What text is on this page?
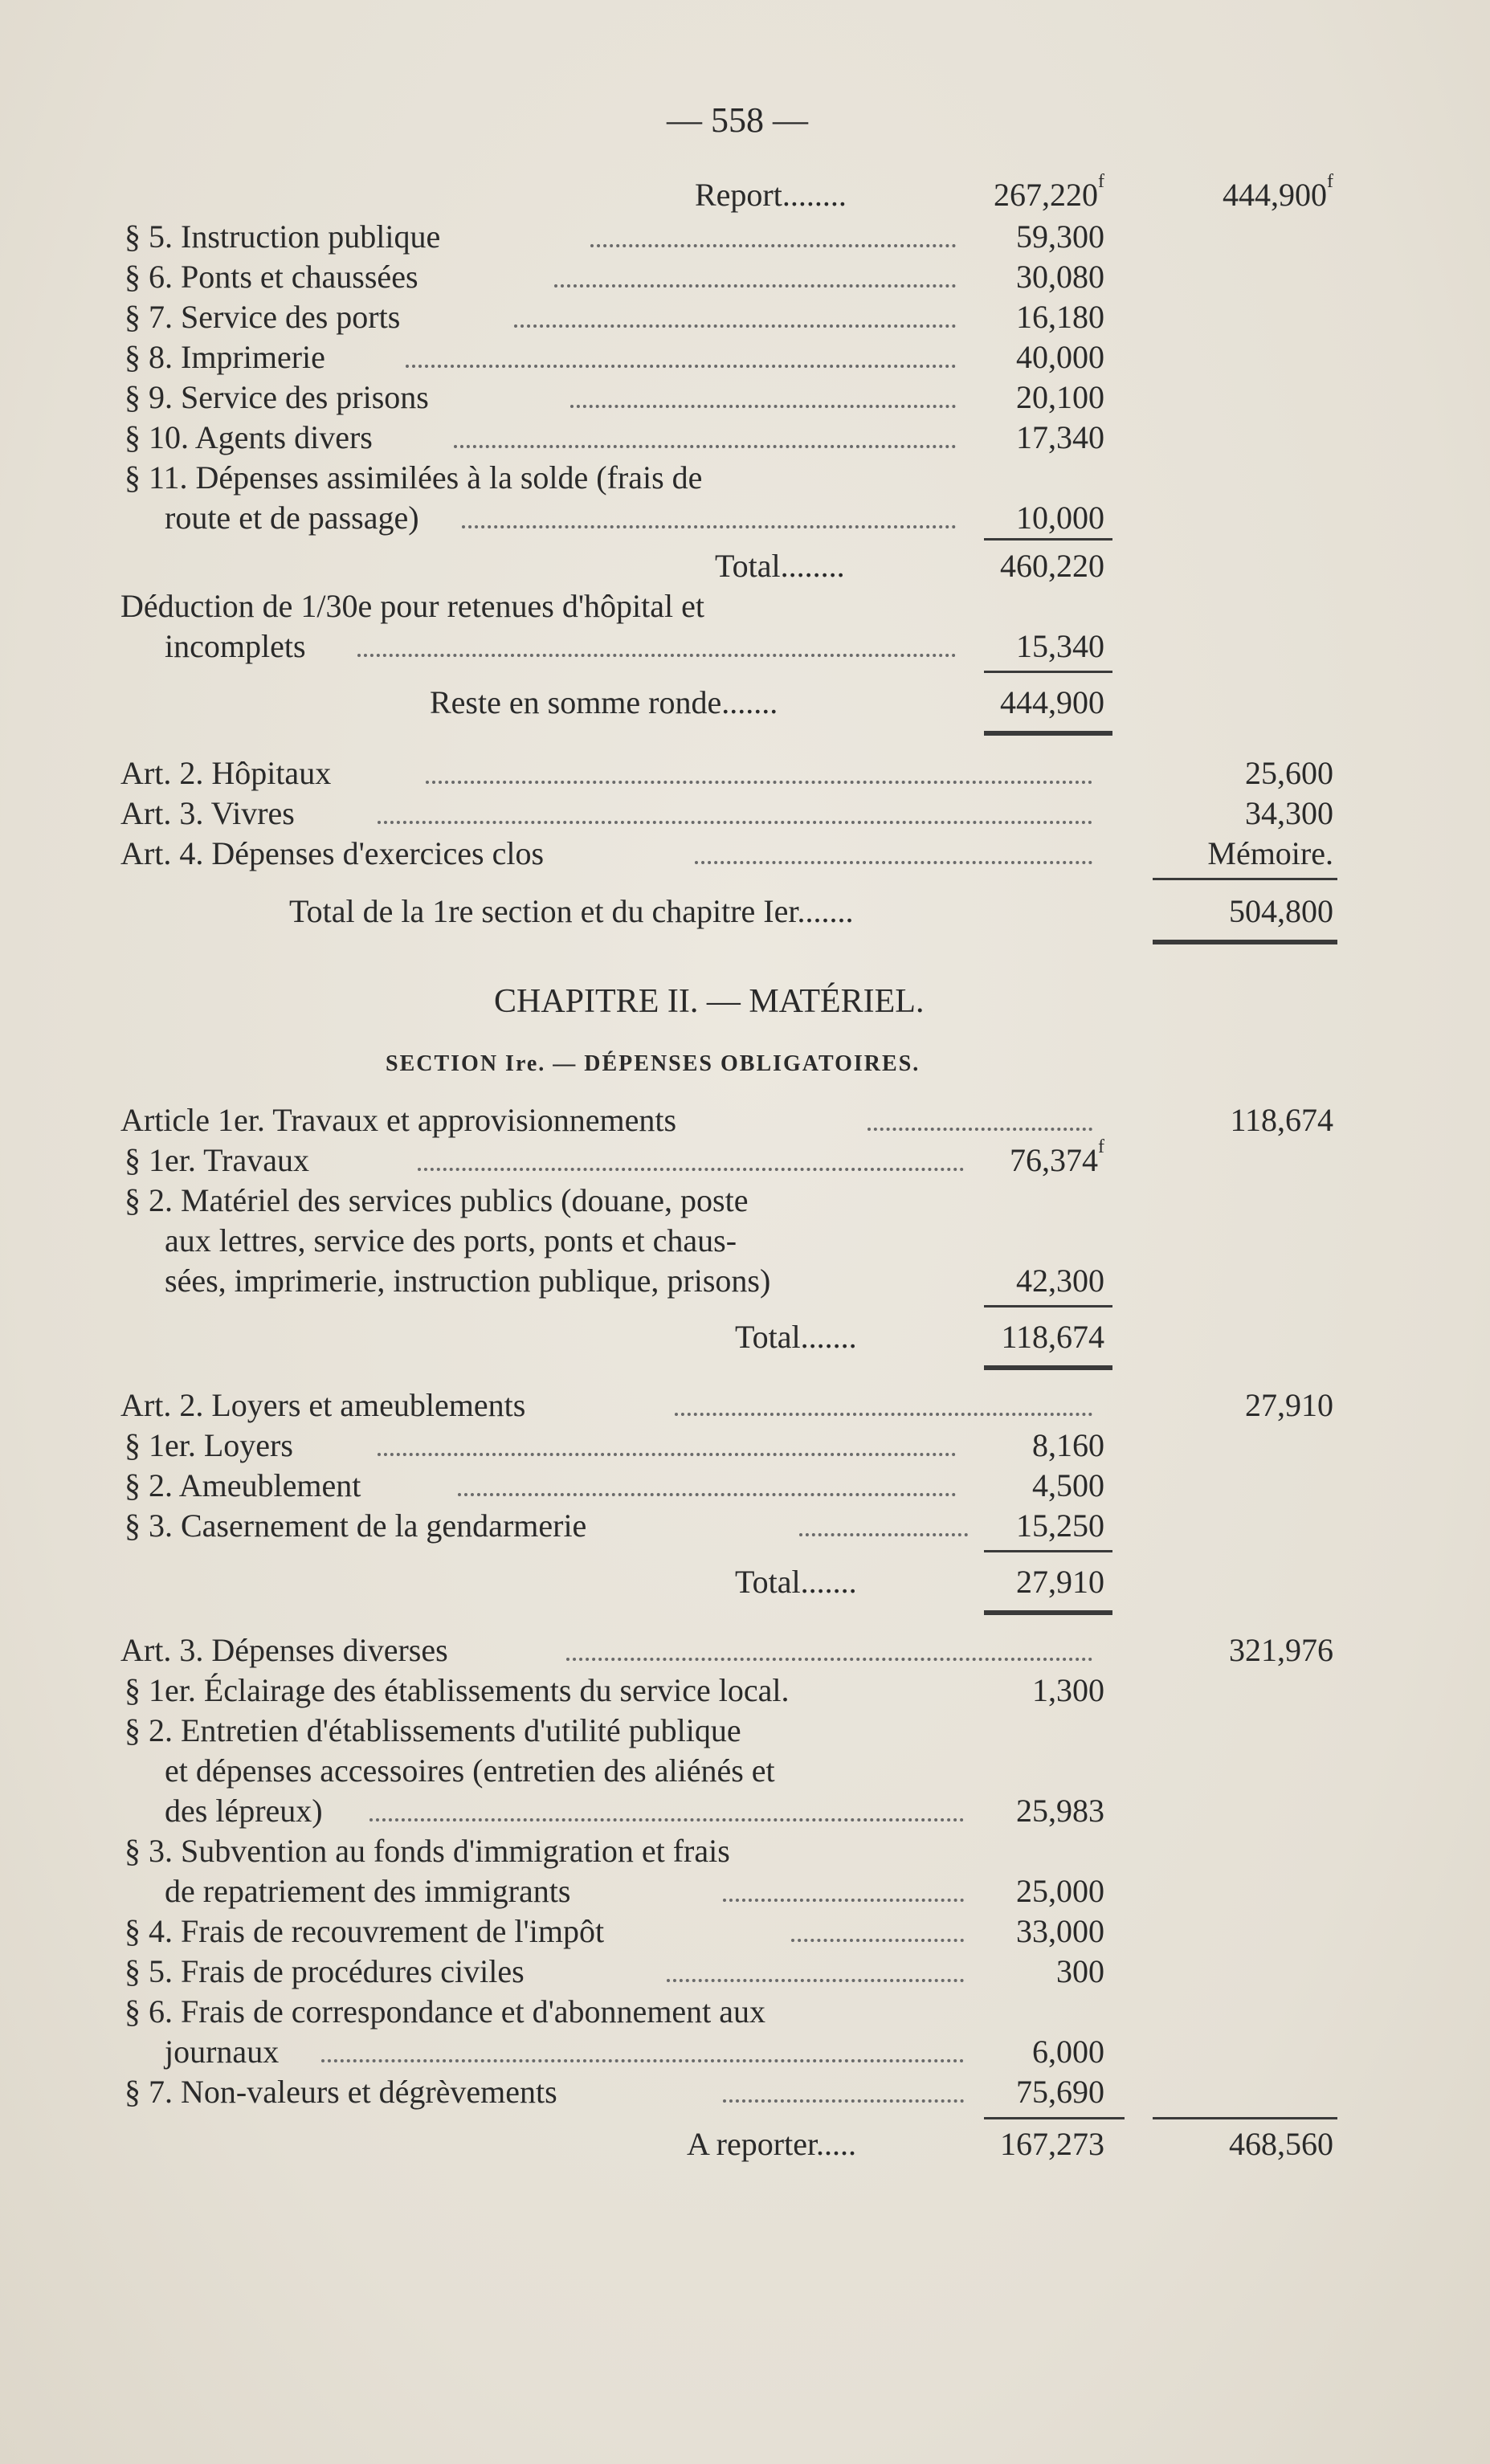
— 558 —
Report........	267,220$^f$	444,900$^f$
§ 5. Instruction publique	59,300
§ 6. Ponts et chaussées	30,080
§ 7. Service des ports	16,180
§ 8. Imprimerie	40,000
§ 9. Service des prisons	20,100
§ 10. Agents divers	17,340
§ 11. Dépenses assimilées à la solde (frais de
route et de passage)	10,000
Total........	460,220
Déduction de 1/30e pour retenues d'hôpital et
incomplets	15,340
Reste en somme ronde.......	444,900
Art. 2. Hôpitaux	25,600
Art. 3. Vivres	34,300
Art. 4. Dépenses d'exercices clos	Mémoire.
Total de la 1re section et du chapitre Ier.......	504,800
CHAPITRE II. — MATÉRIEL.
SECTION Ire. — DÉPENSES OBLIGATOIRES.
Article 1er. Travaux et approvisionnements	118,674
§ 1er. Travaux	76,374$^f$
§ 2. Matériel des services publics (douane, poste
aux lettres, service des ports, ponts et chaus-
sées, imprimerie, instruction publique, prisons)	42,300
Total.......	118,674
Art. 2. Loyers et ameublements	27,910
§ 1er. Loyers	8,160
§ 2. Ameublement	4,500
§ 3. Casernement de la gendarmerie	15,250
Total.......	27,910
Art. 3. Dépenses diverses	321,976
§ 1er. Éclairage des établissements du service local.	1,300
§ 2. Entretien d'établissements d'utilité publique
et dépenses accessoires (entretien des aliénés et
des lépreux)	25,983
§ 3. Subvention au fonds d'immigration et frais
de repatriement des immigrants	25,000
§ 4. Frais de recouvrement de l'impôt	33,000
§ 5. Frais de procédures civiles	300
§ 6. Frais de correspondance et d'abonnement aux
journaux	6,000
§ 7. Non-valeurs et dégrèvements	75,690
A reporter.....	167,273	468,560
